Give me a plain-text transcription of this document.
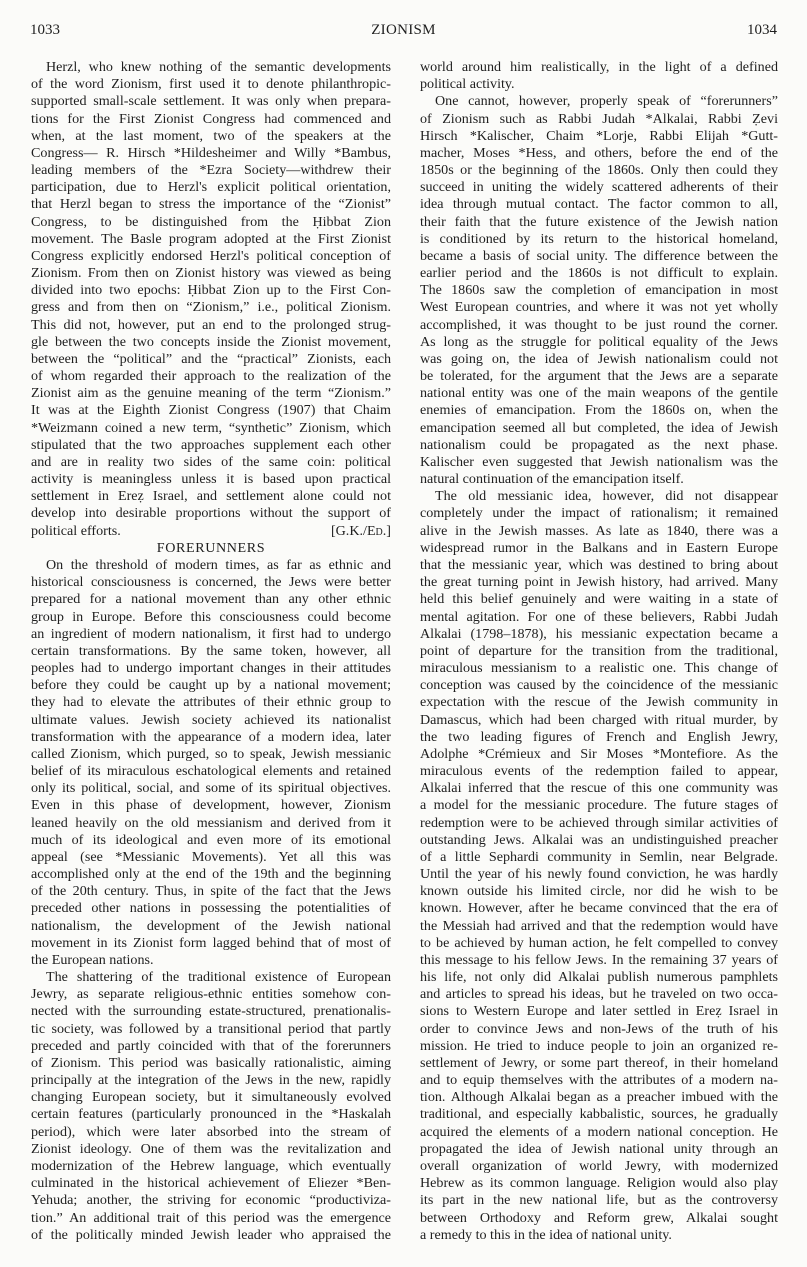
1033	ZIONISM	1034
Herzl, who knew nothing of the semantic developments
of the word Zionism, first used it to denote philanthropic-
supported small-scale settlement. It was only when prepara-
tions for the First Zionist Congress had commenced and
when, at the last moment, two of the speakers at the
Congress— R. Hirsch *Hildesheimer and Willy *Bambus,
leading members of the *Ezra Society—withdrew their
participation, due to Herzl's explicit political orientation,
that Herzl began to stress the importance of the “Zionist”
Congress, to be distinguished from the Ḥibbat Zion
movement. The Basle program adopted at the First Zionist
Congress explicitly endorsed Herzl's political conception of
Zionism. From then on Zionist history was viewed as being
divided into two epochs: Ḥibbat Zion up to the First Con-
gress and from then on “Zionism,” i.e., political Zionism.
This did not, however, put an end to the prolonged strug-
gle between the two concepts inside the Zionist movement,
between the “political” and the “practical” Zionists, each
of whom regarded their approach to the realization of the
Zionist aim as the genuine meaning of the term “Zionism.”
It was at the Eighth Zionist Congress (1907) that Chaim
*Weizmann coined a new term, “synthetic” Zionism, which
stipulated that the two approaches supplement each other
and are in reality two sides of the same coin: political
activity is meaningless unless it is based upon practical
settlement in Ereẓ Israel, and settlement alone could not
develop into desirable proportions without the support of
political efforts.	[G.K./Ed.]
FORERUNNERS
On the threshold of modern times, as far as ethnic and
historical consciousness is concerned, the Jews were better
prepared for a national movement than any other ethnic
group in Europe. Before this consciousness could become
an ingredient of modern nationalism, it first had to undergo
certain transformations. By the same token, however, all
peoples had to undergo important changes in their attitudes
before they could be caught up by a national movement;
they had to elevate the attributes of their ethnic group to
ultimate values. Jewish society achieved its nationalist
transformation with the appearance of a modern idea, later
called Zionism, which purged, so to speak, Jewish messianic
belief of its miraculous eschatological elements and retained
only its political, social, and some of its spiritual objectives.
Even in this phase of development, however, Zionism
leaned heavily on the old messianism and derived from it
much of its ideological and even more of its emotional
appeal (see *Messianic Movements). Yet all this was
accomplished only at the end of the 19th and the beginning
of the 20th century. Thus, in spite of the fact that the Jews
preceded other nations in possessing the potentialities of
nationalism, the development of the Jewish national
movement in its Zionist form lagged behind that of most of
the European nations.
The shattering of the traditional existence of European
Jewry, as separate religious-ethnic entities somehow con-
nected with the surrounding estate-structured, prenationalis-
tic society, was followed by a transitional period that partly
preceded and partly coincided with that of the forerunners
of Zionism. This period was basically rationalistic, aiming
principally at the integration of the Jews in the new, rapidly
changing European society, but it simultaneously evolved
certain features (particularly pronounced in the *Haskalah
period), which were later absorbed into the stream of
Zionist ideology. One of them was the revitalization and
modernization of the Hebrew language, which eventually
culminated in the historical achievement of Eliezer *Ben-
Yehuda; another, the striving for economic “productiviza-
tion.” An additional trait of this period was the emergence
of the politically minded Jewish leader who appraised the
world around him realistically, in the light of a defined
political activity.
One cannot, however, properly speak of “forerunners”
of Zionism such as Rabbi Judah *Alkalai, Rabbi Ẓevi
Hirsch *Kalischer, Chaim *Lorje, Rabbi Elijah *Gutt-
macher, Moses *Hess, and others, before the end of the
1850s or the beginning of the 1860s. Only then could they
succeed in uniting the widely scattered adherents of their
idea through mutual contact. The factor common to all,
their faith that the future existence of the Jewish nation
is conditioned by its return to the historical homeland,
became a basis of social unity. The difference between the
earlier period and the 1860s is not difficult to explain.
The 1860s saw the completion of emancipation in most
West European countries, and where it was not yet wholly
accomplished, it was thought to be just round the corner.
As long as the struggle for political equality of the Jews
was going on, the idea of Jewish nationalism could not
be tolerated, for the argument that the Jews are a separate
national entity was one of the main weapons of the gentile
enemies of emancipation. From the 1860s on, when the
emancipation seemed all but completed, the idea of Jewish
nationalism could be propagated as the next phase.
Kalischer even suggested that Jewish nationalism was the
natural continuation of the emancipation itself.
The old messianic idea, however, did not disappear
completely under the impact of rationalism; it remained
alive in the Jewish masses. As late as 1840, there was a
widespread rumor in the Balkans and in Eastern Europe
that the messianic year, which was destined to bring about
the great turning point in Jewish history, had arrived. Many
held this belief genuinely and were waiting in a state of
mental agitation. For one of these believers, Rabbi Judah
Alkalai (1798–1878), his messianic expectation became a
point of departure for the transition from the traditional,
miraculous messianism to a realistic one. This change of
conception was caused by the coincidence of the messianic
expectation with the rescue of the Jewish community in
Damascus, which had been charged with ritual murder, by
the two leading figures of French and English Jewry,
Adolphe *Crémieux and Sir Moses *Montefiore. As the
miraculous events of the redemption failed to appear,
Alkalai inferred that the rescue of this one community was
a model for the messianic procedure. The future stages of
redemption were to be achieved through similar activities of
outstanding Jews. Alkalai was an undistinguished preacher
of a little Sephardi community in Semlin, near Belgrade.
Until the year of his newly found conviction, he was hardly
known outside his limited circle, nor did he wish to be
known. However, after he became convinced that the era of
the Messiah had arrived and that the redemption would have
to be achieved by human action, he felt compelled to convey
this message to his fellow Jews. In the remaining 37 years of
his life, not only did Alkalai publish numerous pamphlets
and articles to spread his ideas, but he traveled on two occa-
sions to Western Europe and later settled in Ereẓ Israel in
order to convince Jews and non-Jews of the truth of his
mission. He tried to induce people to join an organized re-
settlement of Jewry, or some part thereof, in their homeland
and to equip themselves with the attributes of a modern na-
tion. Although Alkalai began as a preacher imbued with the
traditional, and especially kabbalistic, sources, he gradually
acquired the elements of a modern national conception. He
propagated the idea of Jewish national unity through an
overall organization of world Jewry, with modernized
Hebrew as its common language. Religion would also play
its part in the new national life, but as the controversy
between Orthodoxy and Reform grew, Alkalai sought
a remedy to this in the idea of national unity.
